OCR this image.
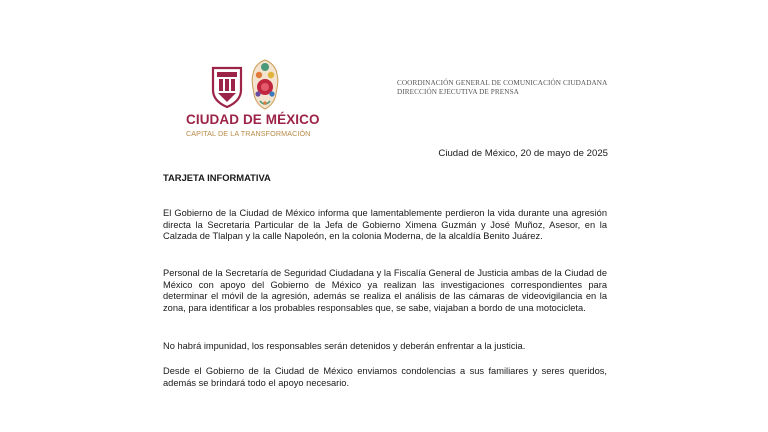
CIUDAD DE MÉXICO
CAPITAL DE LA TRANSFORMACIÓN
COORDINACIÓN GENERAL DE COMUNICACIÓN CIUDADANA
DIRECCIÓN EJECUTIVA DE PRENSA
Ciudad de México, 20 de mayo de 2025
TARJETA INFORMATIVA

El Gobierno de la Ciudad de México informa que lamentablemente perdieron la vida durante una agresión directa la Secretaria Particular de la Jefa de Gobierno Ximena Guzmán y José Muñoz, Asesor, en la Calzada de Tlalpan y la calle Napoleón, en la colonia Moderna, de la alcaldía Benito Juárez.

Personal de la Secretaría de Seguridad Ciudadana y la Fiscalía General de Justicia ambas de la Ciudad de México con apoyo del Gobierno de México ya realizan las investigaciones correspondientes para determinar el móvil de la agresión, además se realiza el análisis de las cámaras de videovigilancia en la zona, para identificar a los probables responsables que, se sabe, viajaban a bordo de una motocicleta.

No habrá impunidad, los responsables serán detenidos y deberán enfrentar a la justicia.

Desde el Gobierno de la Ciudad de México enviamos condolencias a sus familiares y seres queridos, además se brindará todo el apoyo necesario.
